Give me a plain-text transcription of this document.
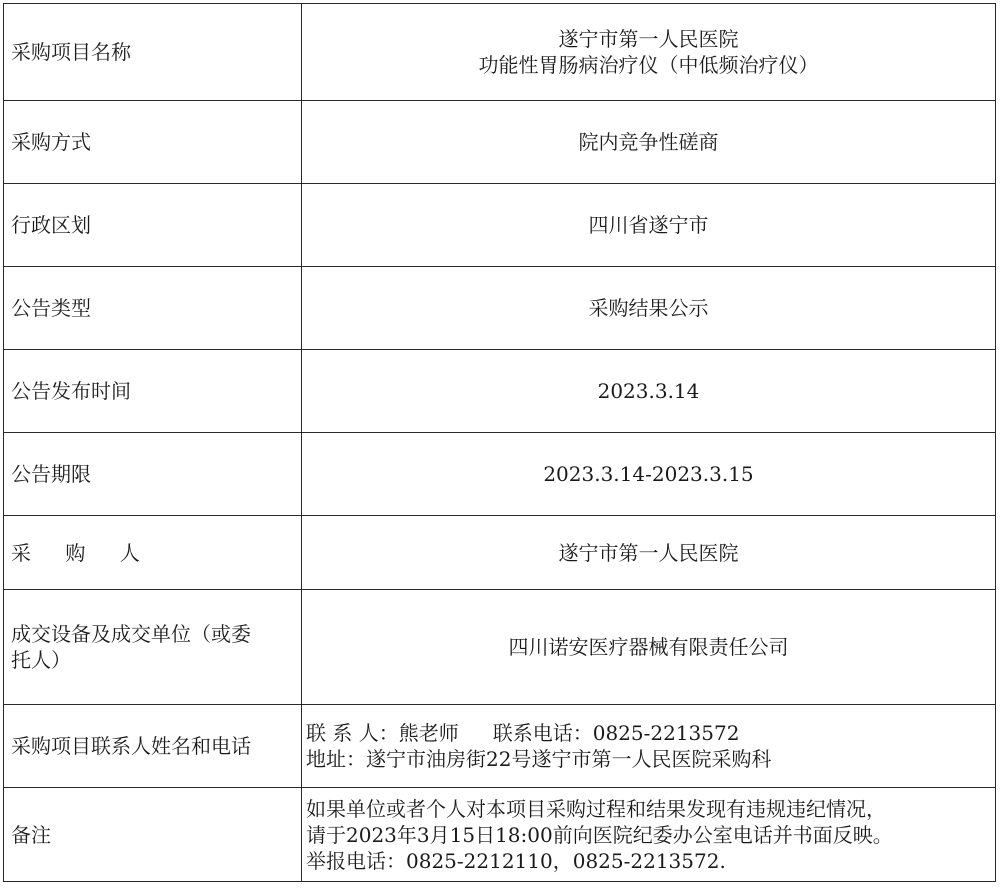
采购项目名称	遂宁市第一人民医院
功能性胃肠病治疗仪（中低频治疗仪）

采购方式	院内竞争性磋商
行政区划	四川省遂宁市
公告类型	采购结果公示
公告发布时间	2023.3.14
公告期限	2023.3.14-2023.3.15
采 购 人	遂宁市第一人民医院

成交设备及成交单位（或委
托人）	四川诺安医疗器械有限责任公司
采购项目联系人姓名和电话	联 系 人：熊老师 联系电话：0825-2213572
地址：遂宁市油房街22号遂宁市第一人民医院采购科

备注	如果单位或者个人对本项目采购过程和结果发现有违规违纪情况，
请于2023年3月15日18:00前向医院纪委办公室电话并书面反映。
举报电话：0825-2212110，0825-2213572.
